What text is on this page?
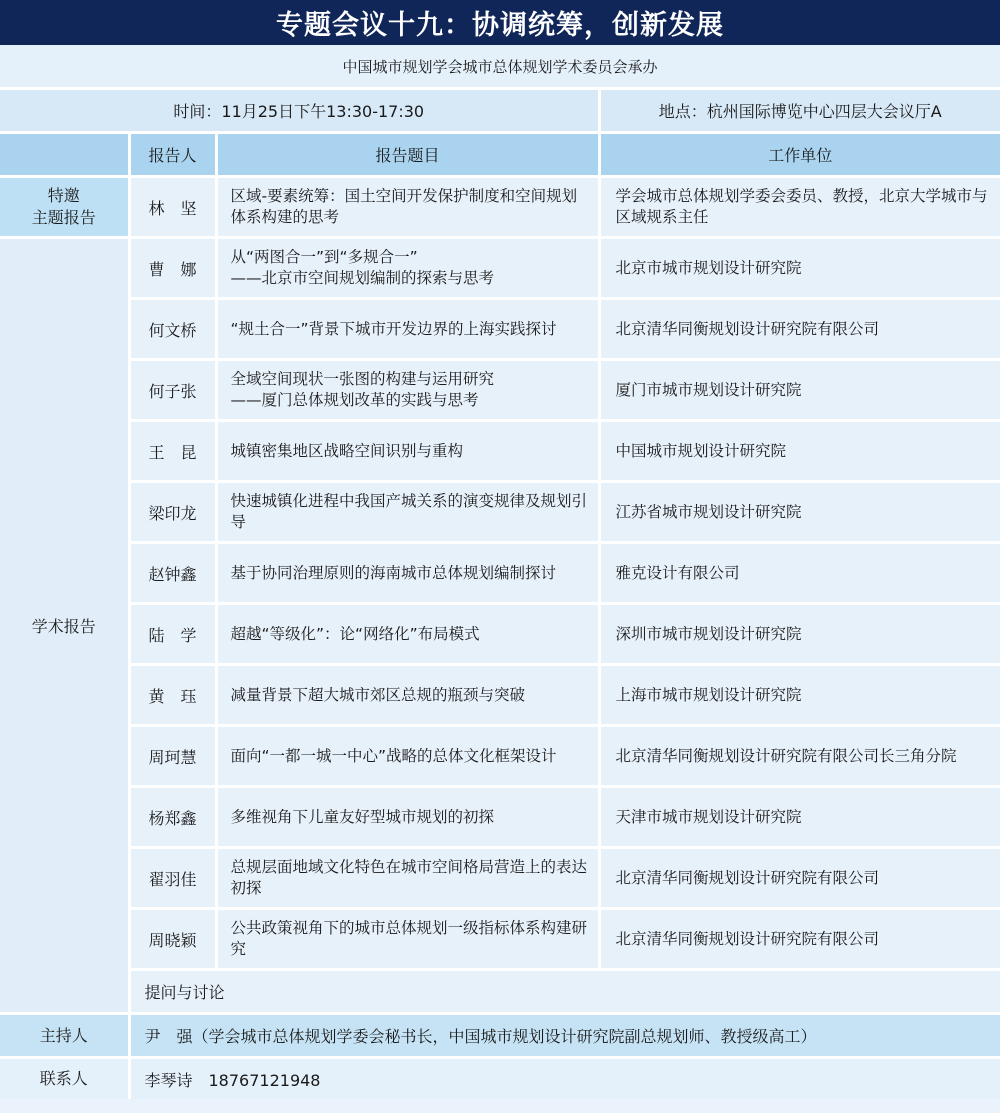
专题会议十九：协调统筹，创新发展
中国城市规划学会城市总体规划学术委员会承办			
时间：11月25日下午13:30-17:30			地点：杭州国际博览中心四层大会议厅A
	报告人	报告题目	工作单位

特邀
主题报告	林　坚	区域-要素统筹：国土空间开发保护制度和空间规划体系构建的思考	学会城市总体规划学委会委员、教授，北京大学城市与区域规系主任
学术报告	曹　娜	从“两图合一”到“多规合一”
——北京市空间规划编制的探索与思考	北京市城市规划设计研究院
	何文桥	“规土合一”背景下城市开发边界的上海实践探讨	北京清华同衡规划设计研究院有限公司
	何子张	全域空间现状一张图的构建与运用研究
——厦门总体规划改革的实践与思考	厦门市城市规划设计研究院
	王　昆	城镇密集地区战略空间识别与重构	中国城市规划设计研究院
	梁印龙	快速城镇化进程中我国产城关系的演变规律及规划引导	江苏省城市规划设计研究院
	赵钟鑫	基于协同治理原则的海南城市总体规划编制探讨	雅克设计有限公司
	陆　学	超越“等级化”：论“网络化”布局模式	深圳市城市规划设计研究院
	黄　珏	减量背景下超大城市郊区总规的瓶颈与突破	上海市城市规划设计研究院
	周珂慧	面向“一都一城一中心”战略的总体文化框架设计	北京清华同衡规划设计研究院有限公司长三角分院
	杨郑鑫	多维视角下儿童友好型城市规划的初探	天津市城市规划设计研究院
	翟羽佳	总规层面地域文化特色在城市空间格局营造上的表达初探	北京清华同衡规划设计研究院有限公司
	周晓颖	公共政策视角下的城市总体规划一级指标体系构建研究	北京清华同衡规划设计研究院有限公司
	提问与讨论		
主持人	尹　强（学会城市总体规划学委会秘书长，中国城市规划设计研究院副总规划师、教授级高工）		
联系人	李琴诗　18767121948		
